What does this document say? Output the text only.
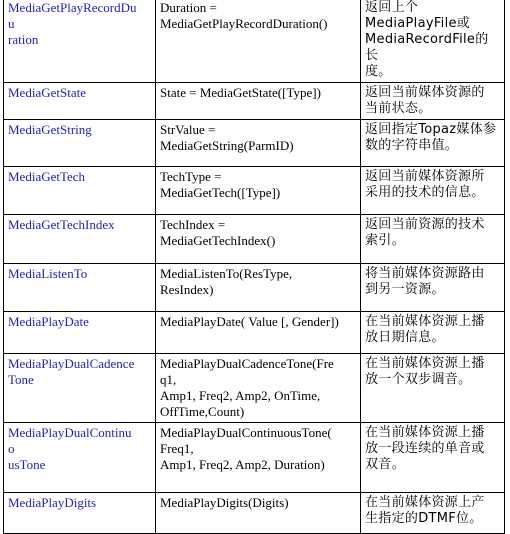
MediaGetPlayRecordDu
u
ration	Duration =
MediaGetPlayRecordDuration()	返回上个
MediaPlayFile或
MediaRecordFile的长
度。

MediaGetState	State = MediaGetState([Type])	返回当前媒体资源的
当前状态。

MediaGetString	StrValue =
MediaGetString(ParmID)	返回指定Topaz媒体参
数的字符串值。

MediaGetTech	TechType =
MediaGetTech([Type])	返回当前媒体资源所
采用的技术的信息。

MediaGetTechIndex	TechIndex =
MediaGetTechIndex()	返回当前资源的技术
索引。

MediaListenTo	MediaListenTo(ResType,
ResIndex)	将当前媒体资源路由
到另一资源。

MediaPlayDate	MediaPlayDate( Value [, Gender])	在当前媒体资源上播
放日期信息。

MediaPlayDualCadence
Tone	MediaPlayDualCadenceTone(Fre
q1,
Amp1, Freq2, Amp2, OnTime,
OffTime,Count)	在当前媒体资源上播
放一个双步调音。

MediaPlayDualContinu
o
usTone	MediaPlayDualContinuousTone(
Freq1,
Amp1, Freq2, Amp2, Duration)	在当前媒体资源上播
放一段连续的单音或
双音。

MediaPlayDigits	MediaPlayDigits(Digits)	在当前媒体资源上产
生指定的DTMF位。
